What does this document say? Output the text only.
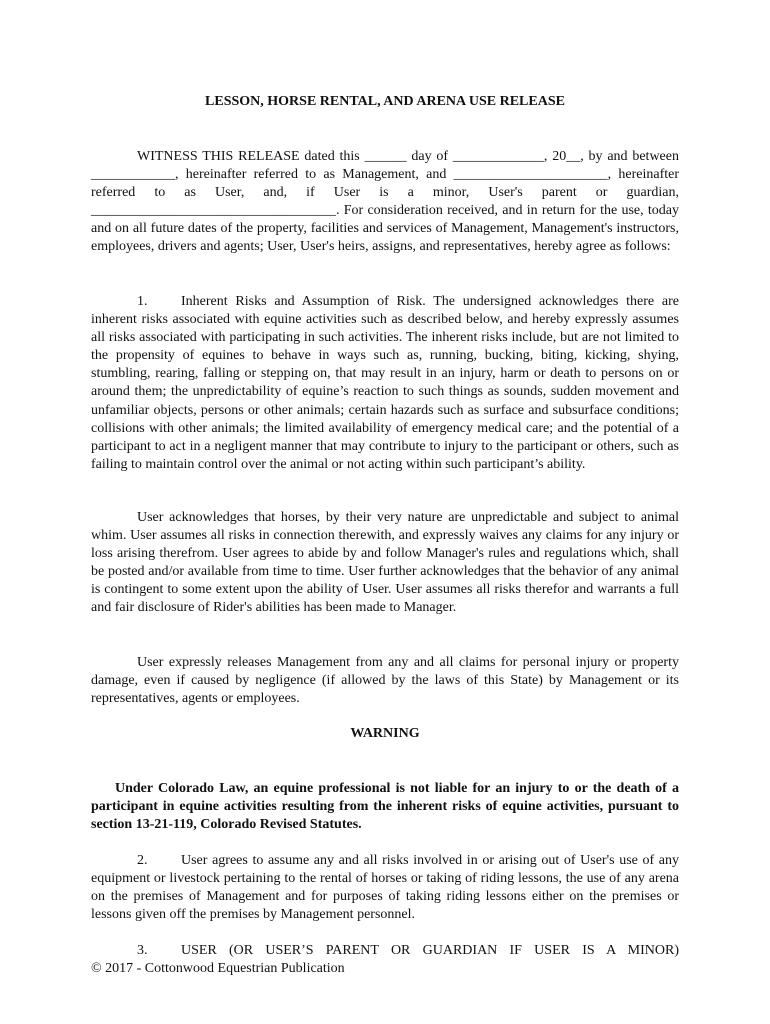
LESSON, HORSE RENTAL, AND ARENA USE RELEASE
WITNESS THIS RELEASE dated this ______ day of _____________, 20__, by and between ____________, hereinafter referred to as Management, and ______________________, hereinafter referred to as User, and, if User is a minor, User's parent or guardian, ___________________________________. For consideration received, and in return for the use, today and on all future dates of the property, facilities and services of Management, Management's instructors, employees, drivers and agents; User, User's heirs, assigns, and representatives, hereby agree as follows:
1. Inherent Risks and Assumption of Risk. The undersigned acknowledges there are inherent risks associated with equine activities such as described below, and hereby expressly assumes all risks associated with participating in such activities. The inherent risks include, but are not limited to the propensity of equines to behave in ways such as, running, bucking, biting, kicking, shying, stumbling, rearing, falling or stepping on, that may result in an injury, harm or death to persons on or around them; the unpredictability of equine’s reaction to such things as sounds, sudden movement and unfamiliar objects, persons or other animals; certain hazards such as surface and subsurface conditions; collisions with other animals; the limited availability of emergency medical care; and the potential of a participant to act in a negligent manner that may contribute to injury to the participant or others, such as failing to maintain control over the animal or not acting within such participant’s ability.
User acknowledges that horses, by their very nature are unpredictable and subject to animal whim. User assumes all risks in connection therewith, and expressly waives any claims for any injury or loss arising therefrom. User agrees to abide by and follow Manager's rules and regulations which, shall be posted and/or available from time to time. User further acknowledges that the behavior of any animal is contingent to some extent upon the ability of User. User assumes all risks therefor and warrants a full and fair disclosure of Rider's abilities has been made to Manager.
User expressly releases Management from any and all claims for personal injury or property damage, even if caused by negligence (if allowed by the laws of this State) by Management or its representatives, agents or employees.
WARNING
Under Colorado Law, an equine professional is not liable for an injury to or the death of a participant in equine activities resulting from the inherent risks of equine activities, pursuant to section 13-21-119, Colorado Revised Statutes.
2. User agrees to assume any and all risks involved in or arising out of User's use of any equipment or livestock pertaining to the rental of horses or taking of riding lessons, the use of any arena on the premises of Management and for purposes of taking riding lessons either on the premises or lessons given off the premises by Management personnel.
3. USER (OR USER’S PARENT OR GUARDIAN IF USER IS A MINOR)
© 2017 - Cottonwood Equestrian Publication
